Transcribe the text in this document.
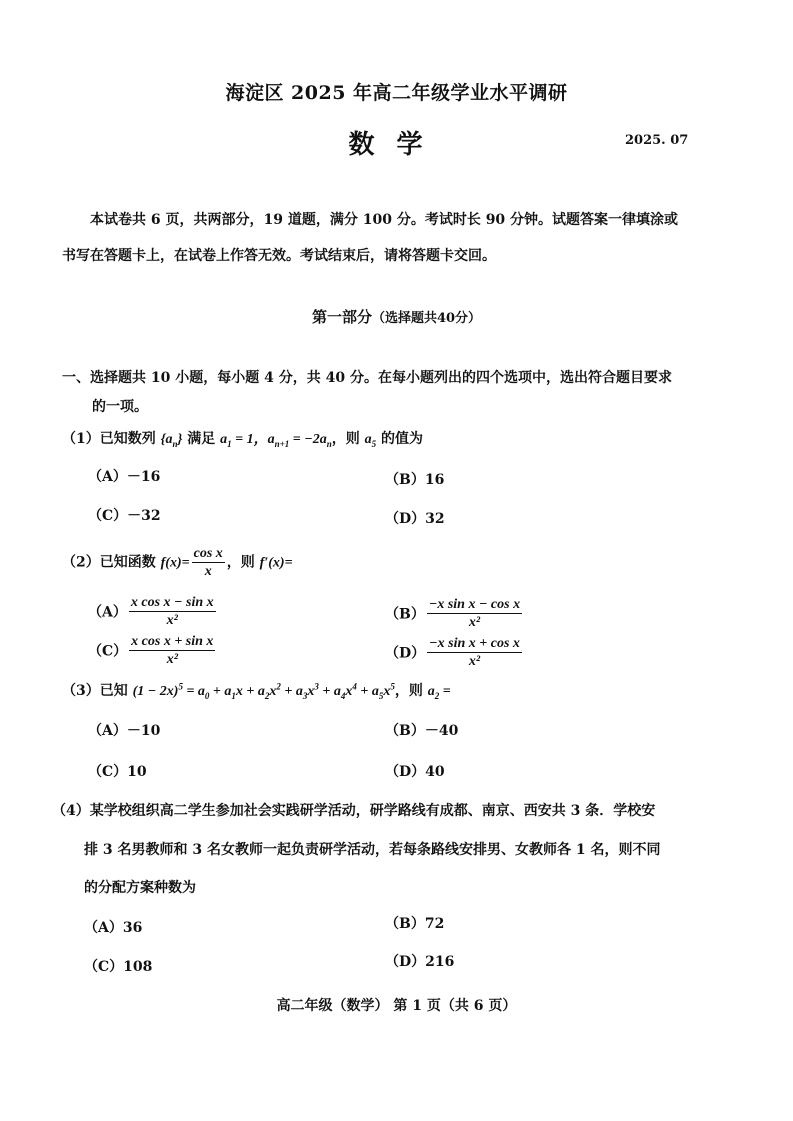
海淀区 2025 年高二年级学业水平调研
数学	2025. 07
本试卷共 6 页，共两部分，19 道题，满分 100 分。考试时长 90 分钟。试题答案一律填涂或
书写在答题卡上，在试卷上作答无效。考试结束后，请将答题卡交回。
第一部分（选择题共40分）
一、选择题共 10 小题，每小题 4 分，共 40 分。在每小题列出的四个选项中，选出符合题目要求
的一项。
（1）已知数列 $\{a_n\}$ 满足 $a_1 = 1$，$a_{n+1} = -2a_n$，则 $a_5$ 的值为
（A）－16	（B）16
（C）－32	（D）32
（2）已知函数 $f(x)= \frac{\text{cos x}}{x}$ ，则 f′(x)=
$(A) \frac{\text{x cos x − sin x}}{\text{x²}}$	$(B) \frac{\text{−x sin x − cos x}}{\text{x²}}$
$(C) \frac{\text{x cos x + sin x}}{\text{x²}}$	$(D) \frac{\text{−x sin x + cos x}}{\text{x²}}$
（3）已知 $(1 - 2x)^5 = a_0 + a_1x + a_2x^2 + a_3x^3 + a_4x^4 + a_5x^5$，则 $a_2$ =
（A）－10	（B）－40
（C）10	（D）40
（4）某学校组织高二学生参加社会实践研学活动，研学路线有成都、南京、西安共 3 条．学校安
排 3 名男教师和 3 名女教师一起负责研学活动，若每条路线安排男、女教师各 1 名，则不同
的分配方案种数为
（A）36	（B）72
（C）108	（D）216
高二年级（数学） 第 1 页（共 6 页）
